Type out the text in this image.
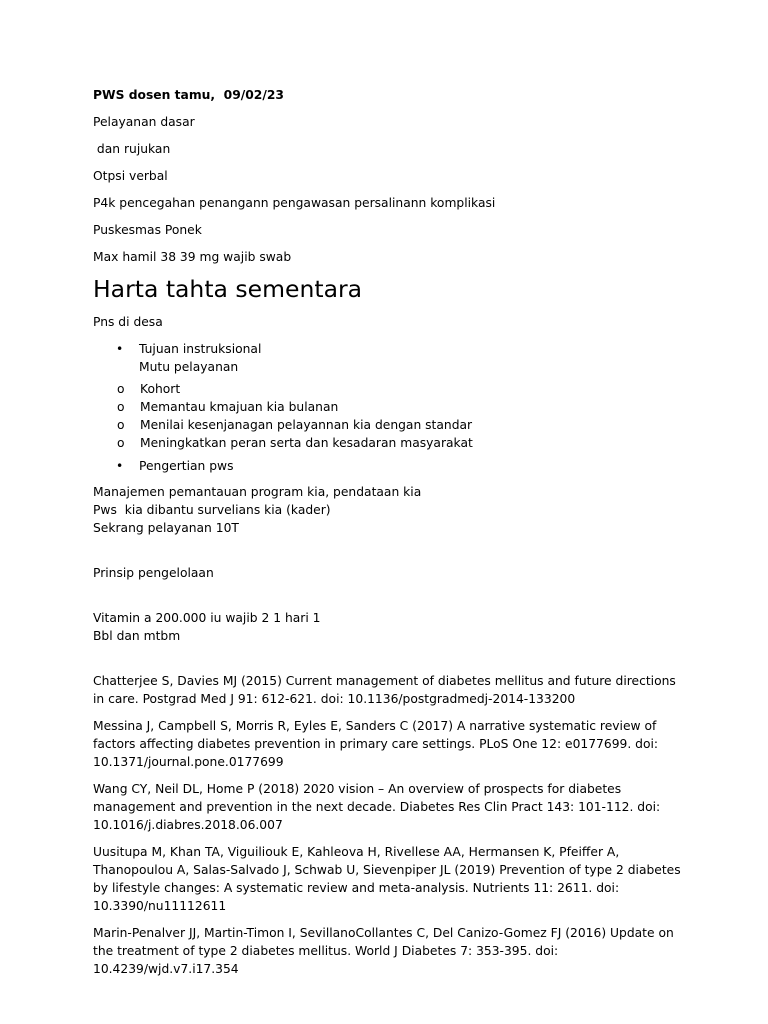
PWS dosen tamu,  09/02/23

Pelayanan dasar

dan rujukan

Otpsi verbal

P4k pencegahan penangann pengawasan persalinann komplikasi

Puskesmas Ponek

Max hamil 38 39 mg wajib swab

Harta tahta sementara

Pns di desa

• Tujuan instruksional
Mutu pelayanan
o Kohort
o Memantau kmajuan kia bulanan
o Menilai kesenjanagan pelayannan kia dengan standar
o Meningkatkan peran serta dan kesadaran masyarakat
• Pengertian pws
Manajemen pemantauan program kia, pendataan kia
Pws  kia dibantu survelians kia (kader)
Sekrang pelayanan 10T

Prinsip pengelolaan

Vitamin a 200.000 iu wajib 2 1 hari 1
Bbl dan mtbm

Chatterjee S, Davies MJ (2015) Current management of diabetes mellitus and future directions in care. Postgrad Med J 91: 612-621. doi: 10.1136/postgradmedj-2014-133200

Messina J, Campbell S, Morris R, Eyles E, Sanders C (2017) A narrative systematic review of factors affecting diabetes prevention in primary care settings. PLoS One 12: e0177699. doi: 10.1371/journal.pone.0177699

Wang CY, Neil DL, Home P (2018) 2020 vision – An overview of prospects for diabetes management and prevention in the next decade. Diabetes Res Clin Pract 143: 101-112. doi: 10.1016/j.diabres.2018.06.007

Uusitupa M, Khan TA, Viguiliouk E, Kahleova H, Rivellese AA, Hermansen K, Pfeiffer A, Thanopoulou A, Salas-Salvado J, Schwab U, Sievenpiper JL (2019) Prevention of type 2 diabetes by lifestyle changes: A systematic review and meta-analysis. Nutrients 11: 2611. doi: 10.3390/nu11112611

Marin-Penalver JJ, Martin-Timon I, SevillanoCollantes C, Del Canizo-Gomez FJ (2016) Update on the treatment of type 2 diabetes mellitus. World J Diabetes 7: 353-395. doi: 10.4239/wjd.v7.i17.354
